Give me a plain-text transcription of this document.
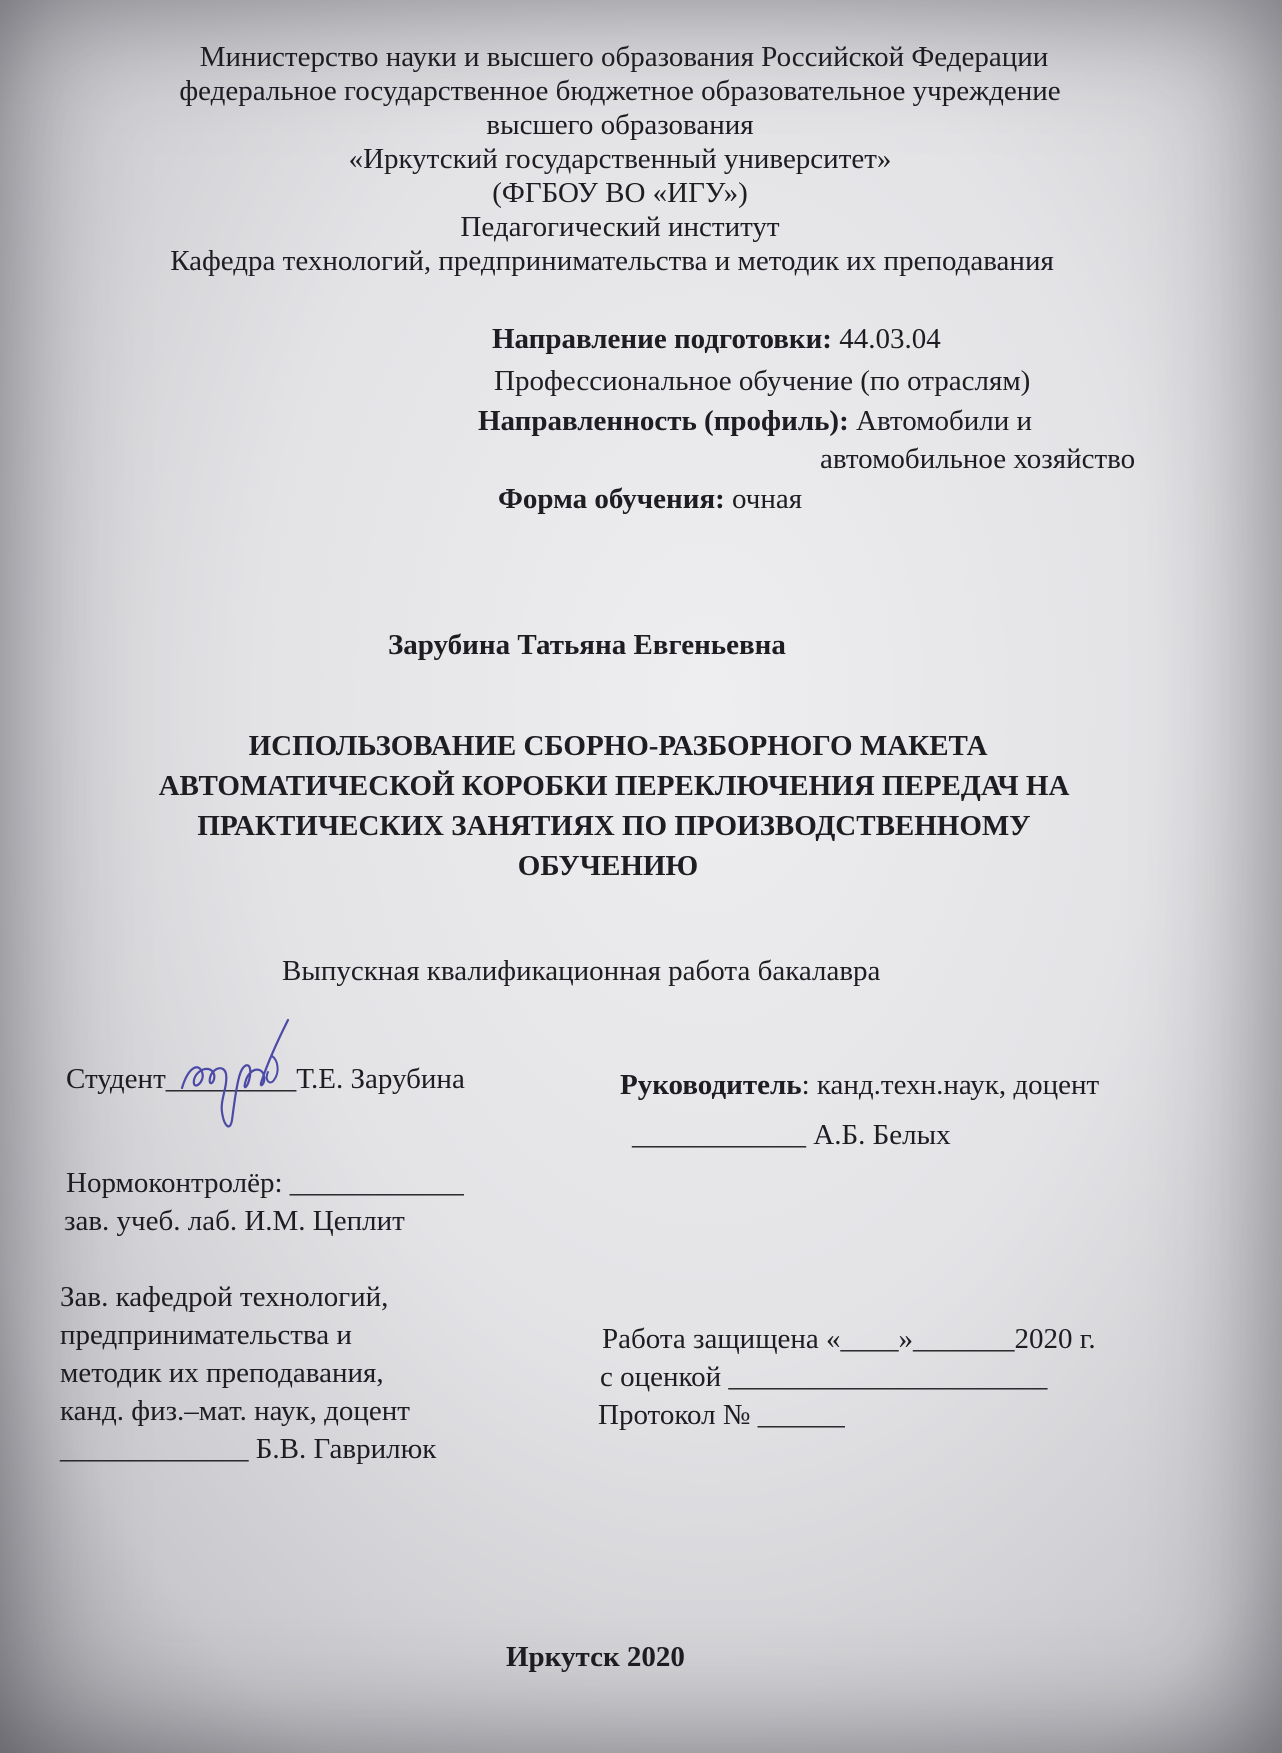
Министерство науки и высшего образования Российской Федерации
федеральное государственное бюджетное образовательное учреждение
высшего образования
«Иркутский государственный университет»
(ФГБОУ ВО «ИГУ»)
Педагогический институт
Кафедра технологий, предпринимательства и методик их преподавания
Направление подготовки: 44.03.04
Профессиональное обучение (по отраслям)
Направленность (профиль): Автомобили и
автомобильное хозяйство
Форма обучения: очная
Зарубина Татьяна Евгеньевна
ИСПОЛЬЗОВАНИЕ СБОРНО-РАЗБОРНОГО МАКЕТА
АВТОМАТИЧЕСКОЙ КОРОБКИ ПЕРЕКЛЮЧЕНИЯ ПЕРЕДАЧ НА
ПРАКТИЧЕСКИХ ЗАНЯТИЯХ ПО ПРОИЗВОДСТВЕННОМУ
ОБУЧЕНИЮ
Выпускная квалификационная работа бакалавра
Студент_________Т.Е. Зарубина	Руководитель: канд.техн.наук, доцент
____________ А.Б. Белых
Нормоконтролёр: ____________
зав. учеб. лаб. И.М. Цеплит
Зав. кафедрой технологий,
предпринимательства и
методик их преподавания,
канд. физ.–мат. наук, доцент
_____________ Б.В. Гаврилюк
Работа защищена «____»_______2020 г.
с оценкой ______________________
Протокол № ______
Иркутск 2020
